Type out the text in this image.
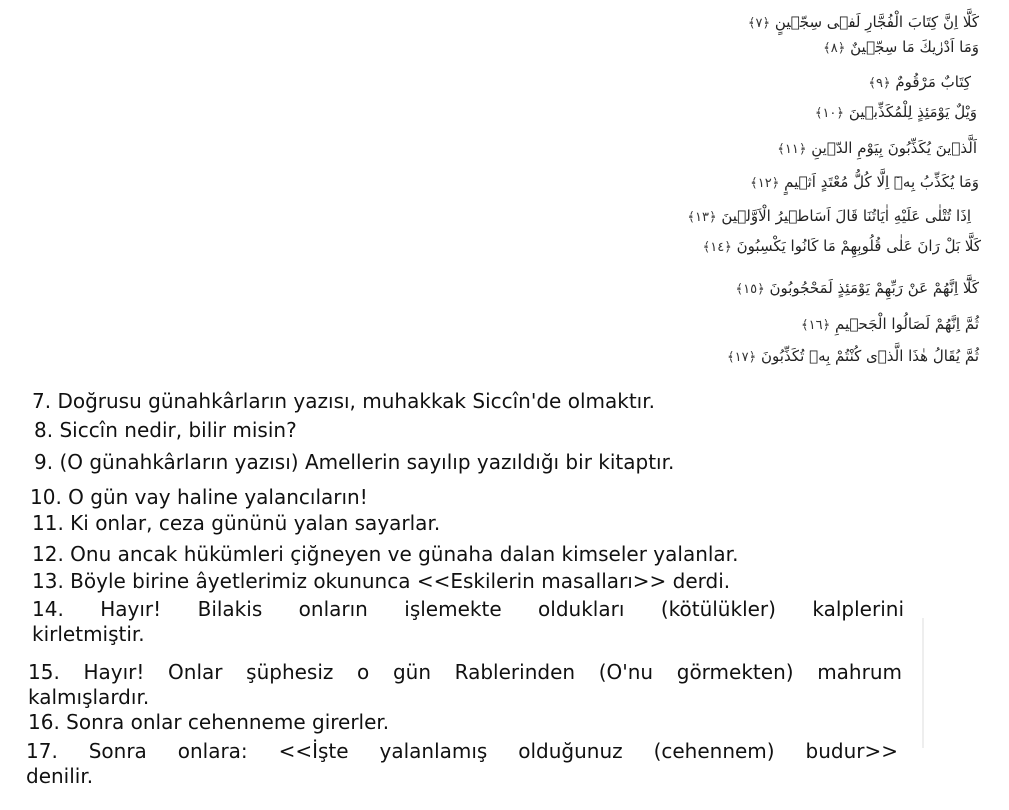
كَلَّا اِنَّ كِتَابَ الْفُجَّارِ لَفٖى سِجّٖينٍ ﴿٧﴾
وَمَا اَدْرٰيكَ مَا سِجّٖينٌ ﴿٨﴾
كِتَابٌ مَرْقُومٌ ﴿٩﴾
وَيْلٌ يَوْمَئِذٍ لِلْمُكَذِّبٖينَ ﴿١٠﴾
اَلَّذٖينَ يُكَذِّبُونَ بِيَوْمِ الدّٖينِ ﴿١١﴾
وَمَا يُكَذِّبُ بِهٖٓ اِلَّا كُلُّ مُعْتَدٍ اَثٖيمٍ ﴿١٢﴾
اِذَا تُتْلٰى عَلَيْهِ اٰيَاتُنَا قَالَ اَسَاطٖيرُ الْاَوَّلٖينَ ﴿١٣﴾
كَلَّا بَلْ رَانَ عَلٰى قُلُوبِهِمْ مَا كَانُوا يَكْسِبُونَ ﴿١٤﴾
كَلَّٓا اِنَّهُمْ عَنْ رَبِّهِمْ يَوْمَئِذٍ لَمَحْجُوبُونَ ﴿١٥﴾
ثُمَّ اِنَّهُمْ لَصَالُوا الْجَحٖيمِ ﴿١٦﴾
ثُمَّ يُقَالُ هٰذَا الَّذٖى كُنْتُمْ بِهٖ تُكَذِّبُونَ ﴿١٧﴾
7. Doğrusu günahkârların yazısı, muhakkak Siccîn'de olmaktır.
8. Siccîn nedir, bilir misin?
9. (O günahkârların yazısı) Amellerin sayılıp yazıldığı bir kitaptır.
10. O gün vay haline yalancıların!
11. Ki onlar, ceza gününü yalan sayarlar.
12. Onu ancak hükümleri çiğneyen ve günaha dalan kimseler yalanlar.
13. Böyle birine âyetlerimiz okununca <<Eskilerin masalları>> derdi.
14. Hayır! Bilakis onların işlemekte oldukları (kötülükler) kalplerini
kirletmiştir.
15. Hayır! Onlar şüphesiz o gün Rablerinden (O'nu görmekten) mahrum
kalmışlardır.
16. Sonra onlar cehenneme girerler.
17. Sonra onlara: <<İşte yalanlamış olduğunuz (cehennem) budur>>
denilir.
